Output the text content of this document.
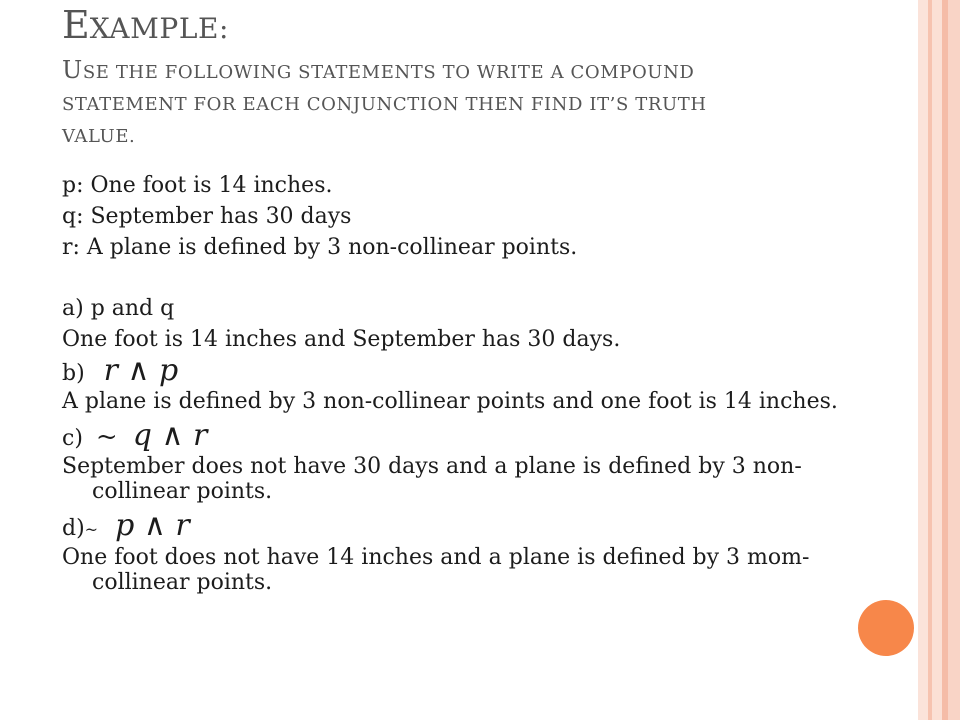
EXAMPLE:
USE THE FOLLOWING STATEMENTS TO WRITE A COMPOUND
STATEMENT FOR EACH CONJUNCTION THEN FIND IT’S TRUTH
VALUE.
p: One foot is 14 inches.
q: September has 30 days
r: A plane is defined by 3 non-collinear points.
a) p and q
One foot is 14 inches and September has 30 days.
b) r ∧ p
A plane is defined by 3 non-collinear points and one foot is 14 inches.
c) ~ q ∧ r
September does not have 30 days and a plane is defined by 3 non-collinear points.
d)~ p ∧ r
One foot does not have 14 inches and a plane is defined by 3 mom-collinear points.
